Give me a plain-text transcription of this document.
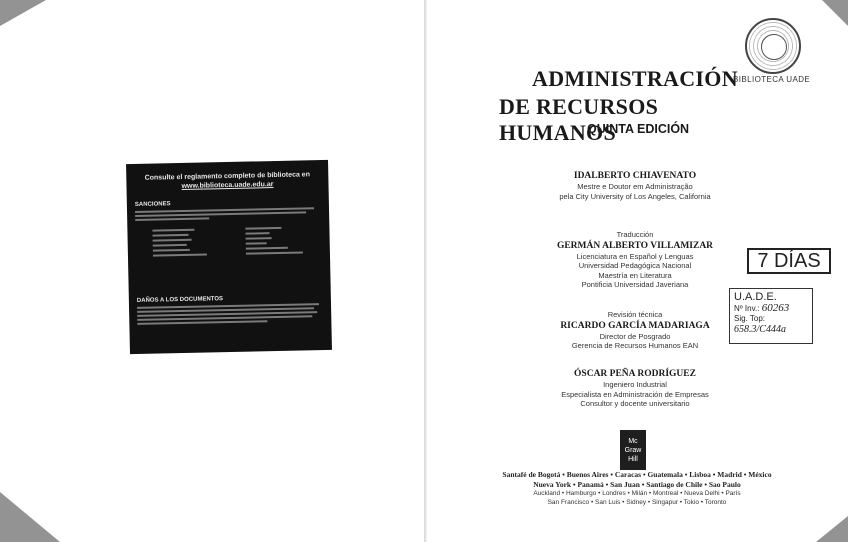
Consulte el reglamento completo de biblioteca en
www.biblioteca.uade.edu.ar
SANCIONES
DAÑOS A LOS DOCUMENTOS
ADMINISTRACIÓN
BIBLIOTECA UADE
DE RECURSOS HUMANOS
QUINTA EDICIÓN
IDALBERTO CHIAVENATO
Mestre e Doutor em Administração
pela City University of Los Angeles, California
Traducción
GERMÁN ALBERTO VILLAMIZAR
Licenciatura en Español y Lenguas
Universidad Pedagógica Nacional
Maestría en Literatura
Pontificia Universidad Javeriana
Revisión técnica
RICARDO GARCÍA MADARIAGA
Director de Posgrado
Gerencia de Recursos Humanos EAN
ÓSCAR PEÑA RODRÍGUEZ
Ingeniero Industrial
Especialista en Administración de Empresas
Consultor y docente universitario
7 DÍAS
U.A.D.E.
Nº Inv.: 60263
Sig. Top:
658.3/C444a
Mc
Graw
Hill
Santafé de Bogotá • Buenos Aires • Caracas • Guatemala • Lisboa • Madrid • México
Nueva York • Panamá • San Juan • Santiago de Chile • Sao Paulo
Auckland • Hamburgo • Londres • Milán • Montreal • Nueva Delhi • París
San Francisco • San Luis • Sidney • Singapur • Tokio • Toronto
